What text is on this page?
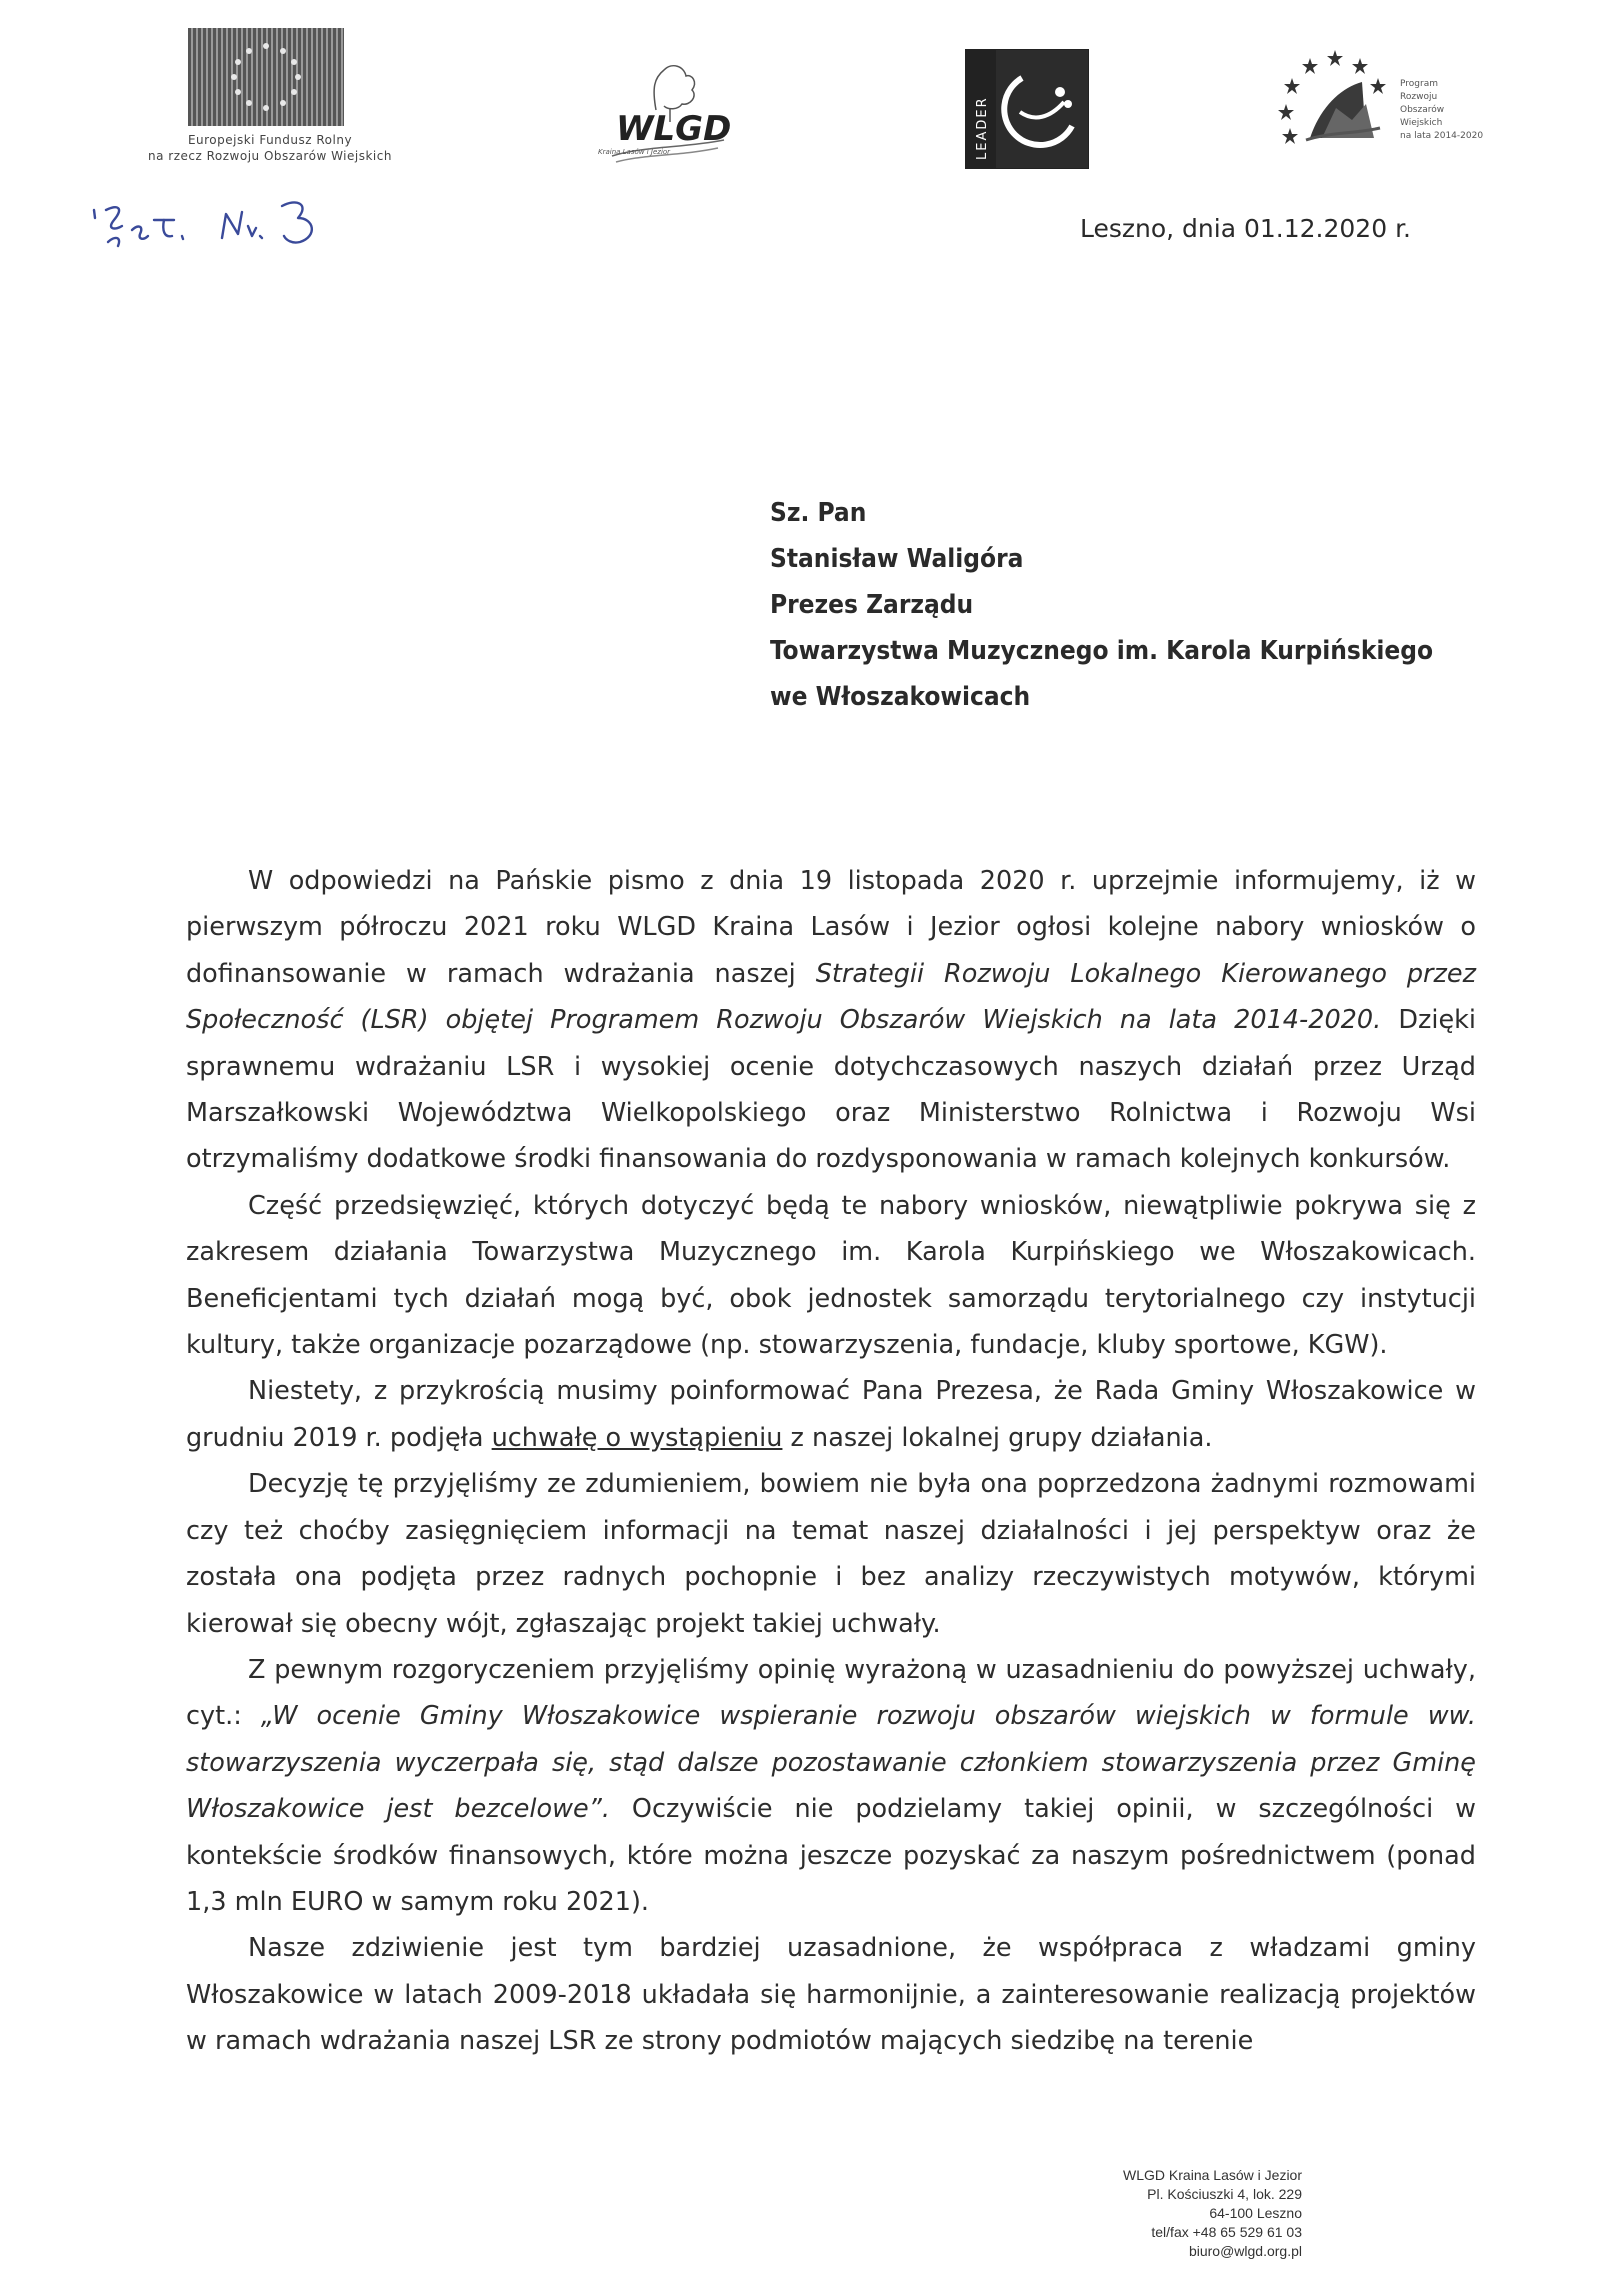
Europejski Fundusz Rolny
na rzecz Rozwoju Obszarów Wiejskich
WLGD
Kraina Lasów i Jezior	LEADER
Program
Rozwoju
Obszarów
Wiejskich
na lata 2014-2020
Leszno, dnia 01.12.2020 r.
Sz. Pan
Stanisław Waligóra
Prezes Zarządu
Towarzystwa Muzycznego im. Karola Kurpińskiego
we Włoszakowicach

W odpowiedzi na Pańskie pismo z dnia 19 listopada 2020 r. uprzejmie informujemy, iż w pierwszym półroczu 2021 roku WLGD Kraina Lasów i Jezior ogłosi kolejne nabory wniosków o dofinansowanie w ramach wdrażania naszej Strategii Rozwoju Lokalnego Kierowanego przez Społeczność (LSR) objętej Programem Rozwoju Obszarów Wiejskich na lata 2014-2020. Dzięki sprawnemu wdrażaniu LSR i wysokiej ocenie dotychczasowych naszych działań przez Urząd Marszałkowski Województwa Wielkopolskiego oraz Ministerstwo Rolnictwa i Rozwoju Wsi otrzymaliśmy dodatkowe środki finansowania do rozdysponowania w ramach kolejnych konkursów.

Część przedsięwzięć, których dotyczyć będą te nabory wniosków, niewątpliwie pokrywa się z zakresem działania Towarzystwa Muzycznego im. Karola Kurpińskiego we Włoszakowicach. Beneficjentami tych działań mogą być, obok jednostek samorządu terytorialnego czy instytucji kultury, także organizacje pozarządowe (np. stowarzyszenia, fundacje, kluby sportowe, KGW).

Niestety, z przykrością musimy poinformować Pana Prezesa, że Rada Gminy Włoszakowice w grudniu 2019 r. podjęła uchwałę o wystąpieniu z naszej lokalnej grupy działania.

Decyzję tę przyjęliśmy ze zdumieniem, bowiem nie była ona poprzedzona żadnymi rozmowami czy też choćby zasięgnięciem informacji na temat naszej działalności i jej perspektyw oraz że została ona podjęta przez radnych pochopnie i bez analizy rzeczywistych motywów, którymi kierował się obecny wójt, zgłaszając projekt takiej uchwały.

Z pewnym rozgoryczeniem przyjęliśmy opinię wyrażoną w uzasadnieniu do powyższej uchwały, cyt.: „W ocenie Gminy Włoszakowice wspieranie rozwoju obszarów wiejskich w formule ww. stowarzyszenia wyczerpała się, stąd dalsze pozostawanie członkiem stowarzyszenia przez Gminę Włoszakowice jest bezcelowe”. Oczywiście nie podzielamy takiej opinii, w szczególności w kontekście środków finansowych, które można jeszcze pozyskać za naszym pośrednictwem (ponad 1,3 mln EURO w samym roku 2021).

Nasze zdziwienie jest tym bardziej uzasadnione, że współpraca z władzami gminy Włoszakowice w latach 2009-2018 układała się harmonijnie, a zainteresowanie realizacją projektów w ramach wdrażania naszej LSR ze strony podmiotów mających siedzibę na terenie

WLGD Kraina Lasów i Jezior
Pl. Kościuszki 4, lok. 229
64-100 Leszno
tel/fax +48 65 529 61 03
biuro@wlgd.org.pl
